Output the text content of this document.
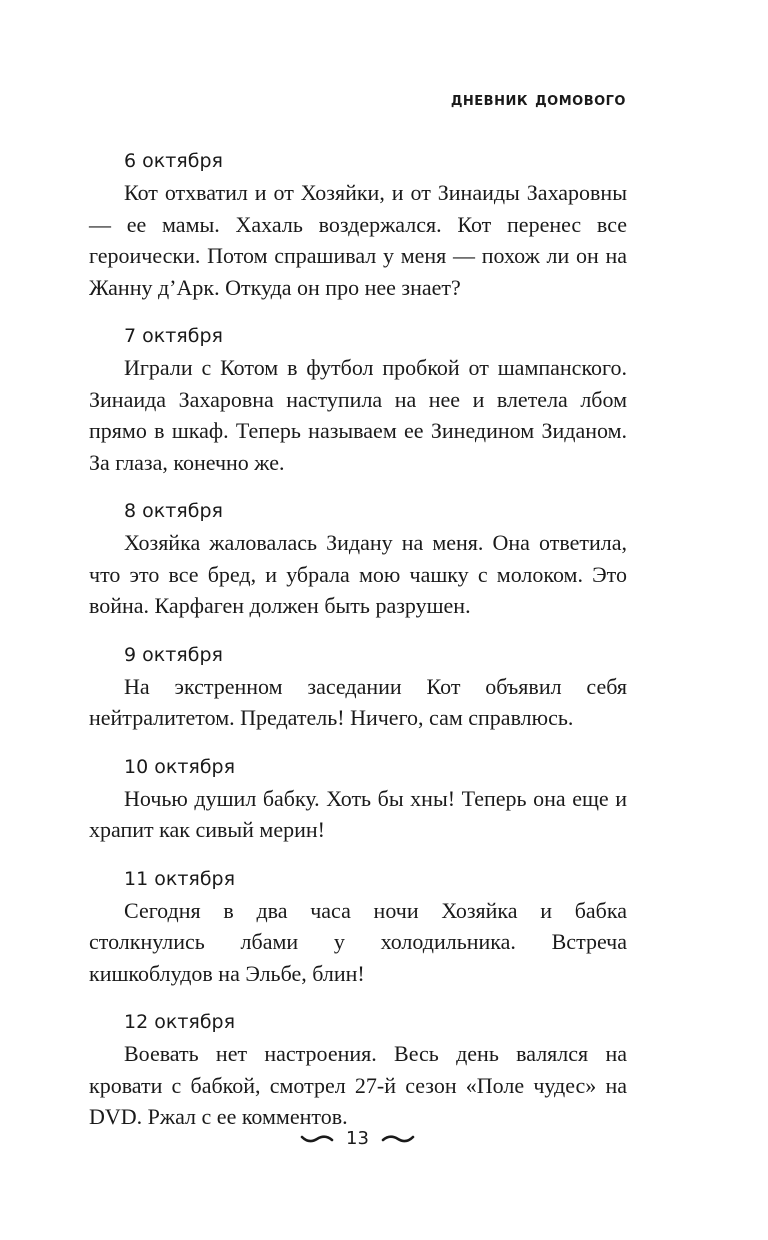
дневник домового
6 октября

Кот отхватил и от Хозяйки, и от Зинаиды Захаровны — ее мамы. Хахаль воздержался. Кот перенес все героически. Потом спрашивал у меня — похож ли он на Жанну д’Арк. Откуда он про нее знает?

7 октября

Играли с Котом в футбол пробкой от шампанского. Зинаида Захаровна наступила на нее и влетела лбом прямо в шкаф. Теперь называем ее Зинедином Зиданом. За глаза, конечно же.

8 октября

Хозяйка жаловалась Зидану на меня. Она ответила, что это все бред, и убрала мою чашку с молоком. Это война. Карфаген должен быть разрушен.

9 октября

На экстренном заседании Кот объявил себя нейтралитетом. Предатель! Ничего, сам справлюсь.

10 октября

Ночью душил бабку. Хоть бы хны! Теперь она еще и храпит как сивый мерин!

11 октября

Сегодня в два часа ночи Хозяйка и бабка столкнулись лбами у холодильника. Встреча кишкоблудов на Эльбе, блин!

12 октября

Воевать нет настроения. Весь день валялся на кровати с бабкой, смотрел 27-й сезон «Поле чудес» на DVD. Ржал с ее комментов.

13
